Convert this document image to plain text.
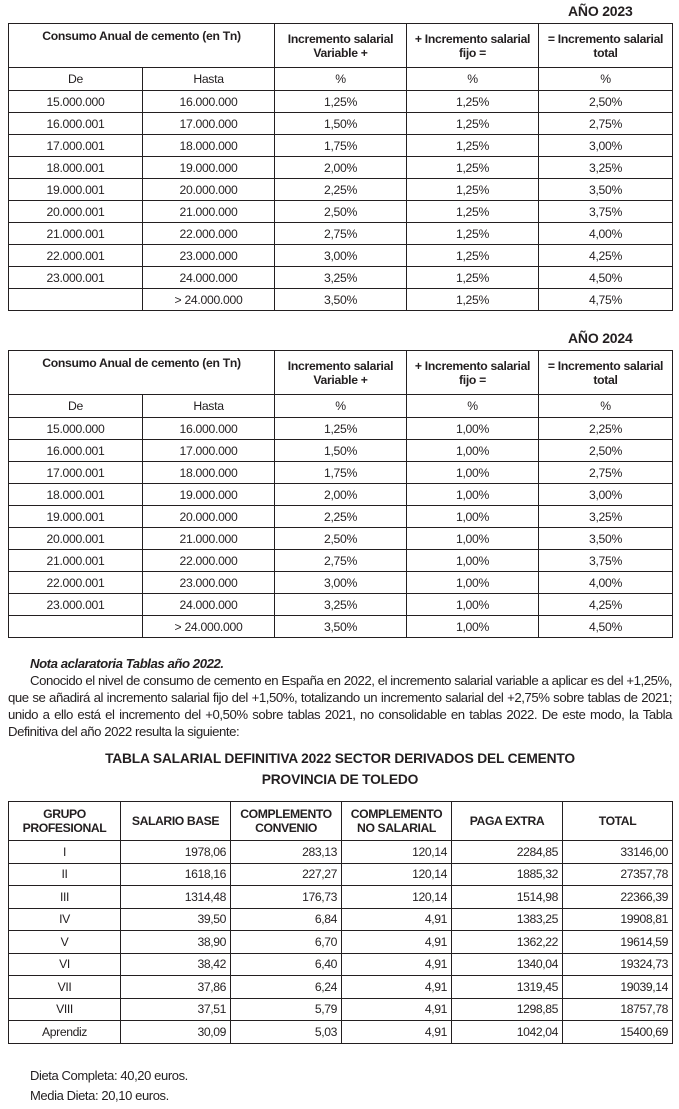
AÑO 2023
Consumo Anual de cemento (en Tn)		Incremento salarial Variable +	+ Incremento salarial fijo =	= Incremento salarial total
De	Hasta	%	%	%
15.000.000	16.000.000	1,25%	1,25%	2,50%
16.000.001	17.000.000	1,50%	1,25%	2,75%
17.000.001	18.000.000	1,75%	1,25%	3,00%
18.000.001	19.000.000	2,00%	1,25%	3,25%
19.000.001	20.000.000	2,25%	1,25%	3,50%
20.000.001	21.000.000	2,50%	1,25%	3,75%
21.000.001	22.000.000	2,75%	1,25%	4,00%
22.000.001	23.000.000	3,00%	1,25%	4,25%
23.000.001	24.000.000	3,25%	1,25%	4,50%
	> 24.000.000	3,50%	1,25%	4,75%
AÑO 2024
Consumo Anual de cemento (en Tn)		Incremento salarial Variable +	+ Incremento salarial fijo =	= Incremento salarial total
De	Hasta	%	%	%
15.000.000	16.000.000	1,25%	1,00%	2,25%
16.000.001	17.000.000	1,50%	1,00%	2,50%
17.000.001	18.000.000	1,75%	1,00%	2,75%
18.000.001	19.000.000	2,00%	1,00%	3,00%
19.000.001	20.000.000	2,25%	1,00%	3,25%
20.000.001	21.000.000	2,50%	1,00%	3,50%
21.000.001	22.000.000	2,75%	1,00%	3,75%
22.000.001	23.000.000	3,00%	1,00%	4,00%
23.000.001	24.000.000	3,25%	1,00%	4,25%
	> 24.000.000	3,50%	1,00%	4,50%
Nota aclaratoria Tablas año 2022.
Conocido el nivel de consumo de cemento en España en 2022, el incremento salarial variable a aplicar es del +1,25%, que se añadirá al incremento salarial fijo del +1,50%, totalizando un incremento salarial del +2,75% sobre tablas de 2021; unido a ello está el incremento del +0,50% sobre tablas 2021, no consolidable en tablas 2022. De este modo, la Tabla Definitiva del año 2022 resulta la siguiente:
TABLA SALARIAL DEFINITIVA 2022 SECTOR DERIVADOS DEL CEMENTO
PROVINCIA DE TOLEDO
GRUPO PROFESIONAL	SALARIO BASE	COMPLEMENTO CONVENIO	COMPLEMENTO NO SALARIAL	PAGA EXTRA	TOTAL
I	1978,06	283,13	120,14	2284,85	33146,00
II	1618,16	227,27	120,14	1885,32	27357,78
III	1314,48	176,73	120,14	1514,98	22366,39
IV	39,50	6,84	4,91	1383,25	19908,81
V	38,90	6,70	4,91	1362,22	19614,59
VI	38,42	6,40	4,91	1340,04	19324,73
VII	37,86	6,24	4,91	1319,45	19039,14
VIII	37,51	5,79	4,91	1298,85	18757,78
Aprendiz	30,09	5,03	4,91	1042,04	15400,69
Dieta Completa: 40,20 euros.
Media Dieta: 20,10 euros.
